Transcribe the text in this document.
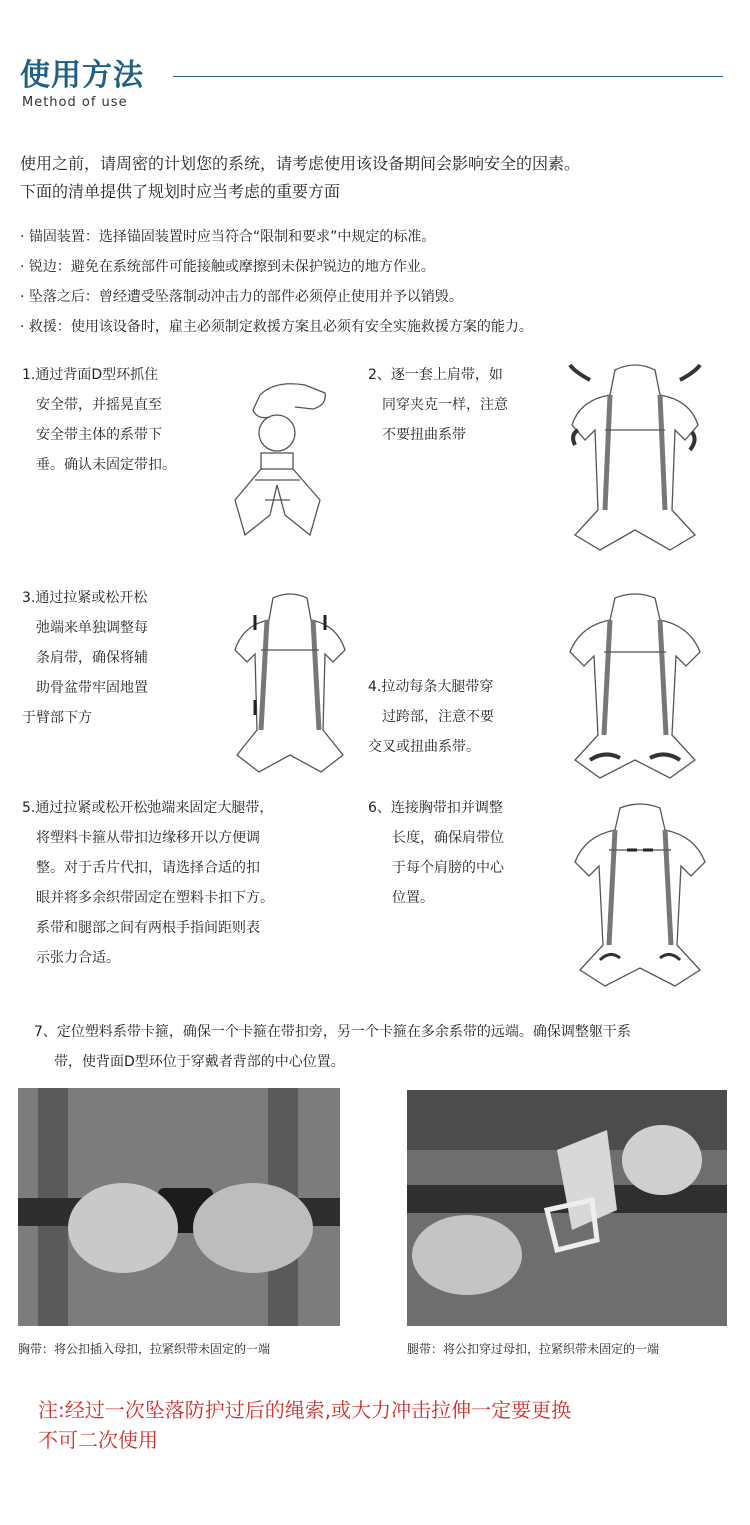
使用方法
Method of use
使用之前，请周密的计划您的系统，请考虑使用该设备期间会影响安全的因素。
下面的清单提供了规划时应当考虑的重要方面
· 锚固装置：选择锚固装置时应当符合“限制和要求”中规定的标准。
· 锐边：避免在系统部件可能接触或摩擦到未保护锐边的地方作业。
· 坠落之后：曾经遭受坠落制动冲击力的部件必须停止使用并予以销毁。
· 救援：使用该设备时，雇主必须制定救援方案且必须有安全实施救援方案的能力。
1.通过背面D型环抓住
安全带，并摇晃直至
安全带主体的系带下
垂。确认未固定带扣。
2、逐一套上肩带，如
同穿夹克一样，注意
不要扭曲系带
3.通过拉紧或松开松
弛端来单独调整每
条肩带，确保将辅
助骨盆带牢固地置
于臂部下方
4.拉动每条大腿带穿
过跨部，注意不要
交叉或扭曲系带。
5.通过拉紧或松开松弛端来固定大腿带，
将塑料卡箍从带扣边缘移开以方便调
整。对于舌片代扣，请选择合适的扣
眼并将多余织带固定在塑料卡扣下方。
系带和腿部之间有两根手指间距则表
示张力合适。
6、连接胸带扣并调整
长度，确保肩带位
于每个肩膀的中心
位置。
7、定位塑料系带卡箍，确保一个卡箍在带扣旁，另一个卡箍在多余系带的远端。确保调整躯干系
带，使背面D型环位于穿戴者背部的中心位置。
胸带：将公扣插入母扣，拉紧织带未固定的一端	腿带：将公扣穿过母扣，拉紧织带未固定的一端
注:经过一次坠落防护过后的绳索,或大力冲击拉伸一定要更换
不可二次使用
